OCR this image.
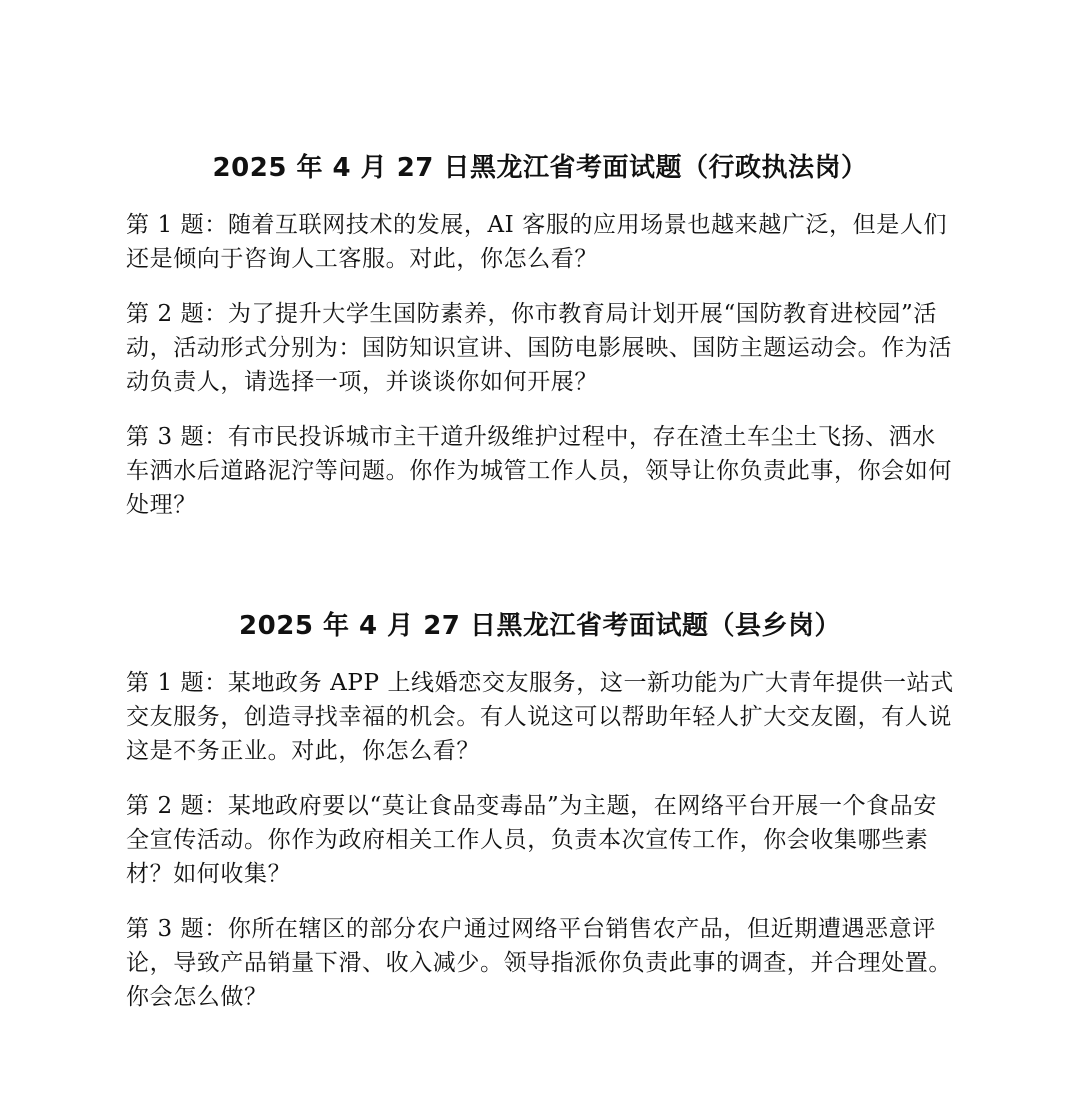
2025 年 4 月 27 日黑龙江省考面试题（行政执法岗）

第 1 题：随着互联网技术的发展，AI 客服的应用场景也越来越广泛，但是人们还是倾向于咨询人工客服。对此，你怎么看？

第 2 题：为了提升大学生国防素养，你市教育局计划开展“国防教育进校园”活动，活动形式分别为：国防知识宣讲、国防电影展映、国防主题运动会。作为活动负责人，请选择一项，并谈谈你如何开展？

第 3 题：有市民投诉城市主干道升级维护过程中，存在渣土车尘土飞扬、洒水车洒水后道路泥泞等问题。你作为城管工作人员，领导让你负责此事，你会如何处理？

2025 年 4 月 27 日黑龙江省考面试题（县乡岗）

第 1 题：某地政务 APP 上线婚恋交友服务，这一新功能为广大青年提供一站式交友服务，创造寻找幸福的机会。有人说这可以帮助年轻人扩大交友圈，有人说这是不务正业。对此，你怎么看？

第 2 题：某地政府要以“莫让食品变毒品”为主题，在网络平台开展一个食品安全宣传活动。你作为政府相关工作人员，负责本次宣传工作，你会收集哪些素材？如何收集？

第 3 题：你所在辖区的部分农户通过网络平台销售农产品，但近期遭遇恶意评论，导致产品销量下滑、收入减少。领导指派你负责此事的调查，并合理处置。你会怎么做？
